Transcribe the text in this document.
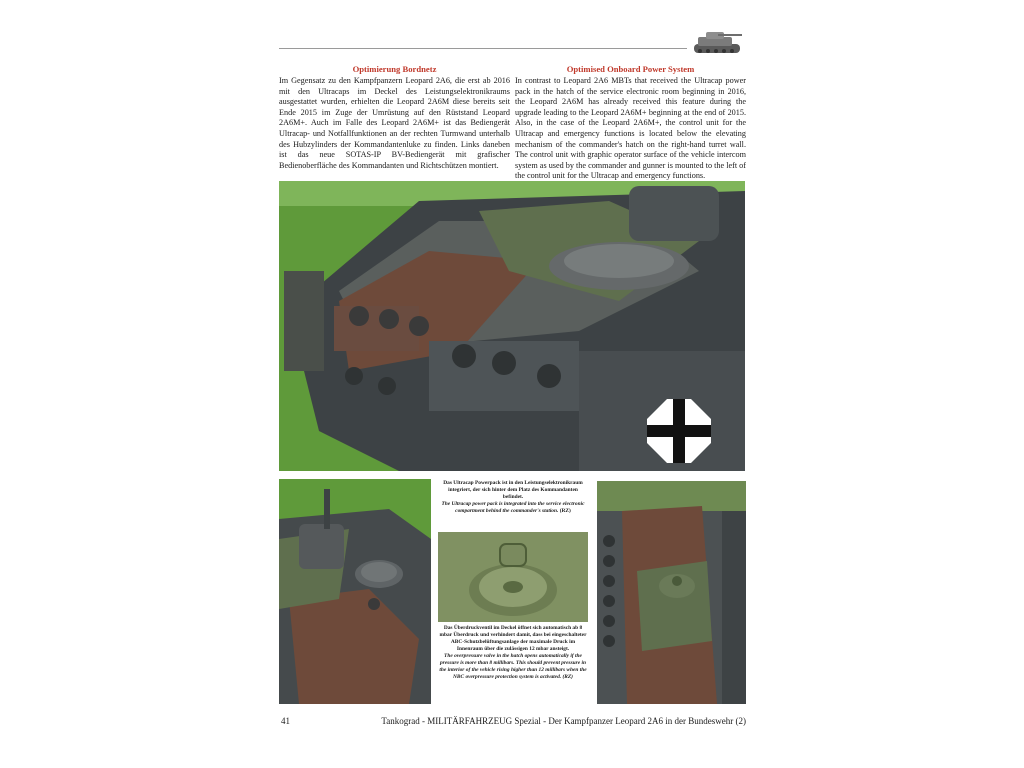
Optimierung Bordnetz

Im Gegensatz zu den Kampfpanzern Leopard 2A6, die erst ab 2016 mit den Ultracaps im Deckel des Leistungselektronikraums ausgestattet wurden, erhielten die Leopard 2A6M diese bereits seit Ende 2015 im Zuge der Umrüstung auf den Rüststand Leopard 2A6M+. Auch im Falle des Leopard 2A6M+ ist das Bediengerät Ultracap- und Notfallfunktionen an der rechten Turmwand unterhalb des Hubzylinders der Kommandantenluke zu finden. Links daneben ist das neue SOTAS-IP BV-Bediengerät mit grafischer Bedienoberfläche des Kommandanten und Richtschützen montiert.

Optimised Onboard Power System

In contrast to Leopard 2A6 MBTs that received the Ultracap power pack in the hatch of the service electronic room beginning in 2016, the Leopard 2A6M has already received this feature during the upgrade leading to the Leopard 2A6M+ beginning at the end of 2015. Also, in the case of the Leopard 2A6M+, the control unit for the Ultracap and emergency functions is located below the elevating mechanism of the commander's hatch on the right-hand turret wall. The control unit with graphic operator surface of the vehicle intercom system as used by the commander and gunner is mounted to the left of the control unit for the Ultracap and emergency functions.

Das Ultracap Powerpack ist in den Leistungselektronikraum integriert, der sich hinter dem Platz des Kommandanten befindet.
The Ultracap power pack is integrated into the service electronic compartment behind the commander's station. (RZ)
Das Überdruckventil im Deckel öffnet sich automatisch ab 8 mbar Überdruck und verhindert damit, dass bei eingeschalteter ABC-Schutzbelüftungsanlage der maximale Druck im Innenraum über die zulässigen 12 mbar ansteigt.
The overpressure valve in the hatch opens automatically if the pressure is more than 8 millibars. This should prevent pressure in the interior of the vehicle rising higher than 12 millibars when the NBC overpressure protection system is activated. (RZ)
41	Tankograd - MILITÄRFAHRZEUG Spezial - Der Kampfpanzer Leopard 2A6 in der Bundeswehr (2)
